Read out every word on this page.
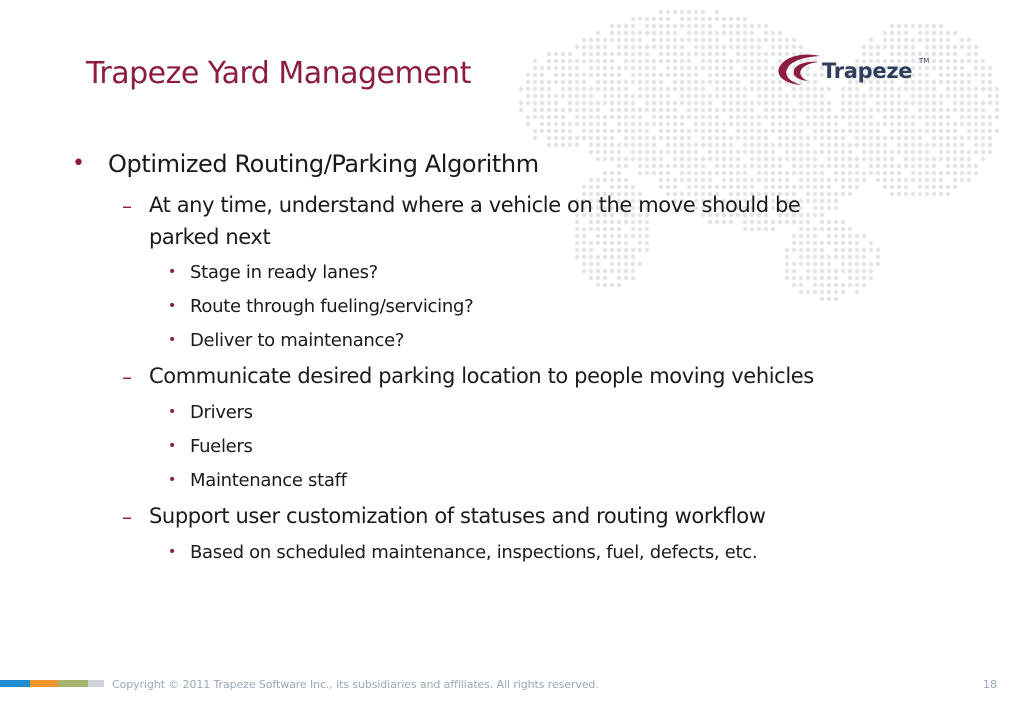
Trapeze Yard Management	Trapeze TM
• Optimized Routing/Parking Algorithm
– At any time, understand where a vehicle on the move should be
parked next
• Stage in ready lanes?
• Route through fueling/servicing?
• Deliver to maintenance?
– Communicate desired parking location to people moving vehicles
• Drivers
• Fuelers
• Maintenance staff
– Support user customization of statuses and routing workflow
• Based on scheduled maintenance, inspections, fuel, defects, etc.
Copyright © 2011 Trapeze Software Inc., its subsidiaries and affiliates. All rights reserved.	18
